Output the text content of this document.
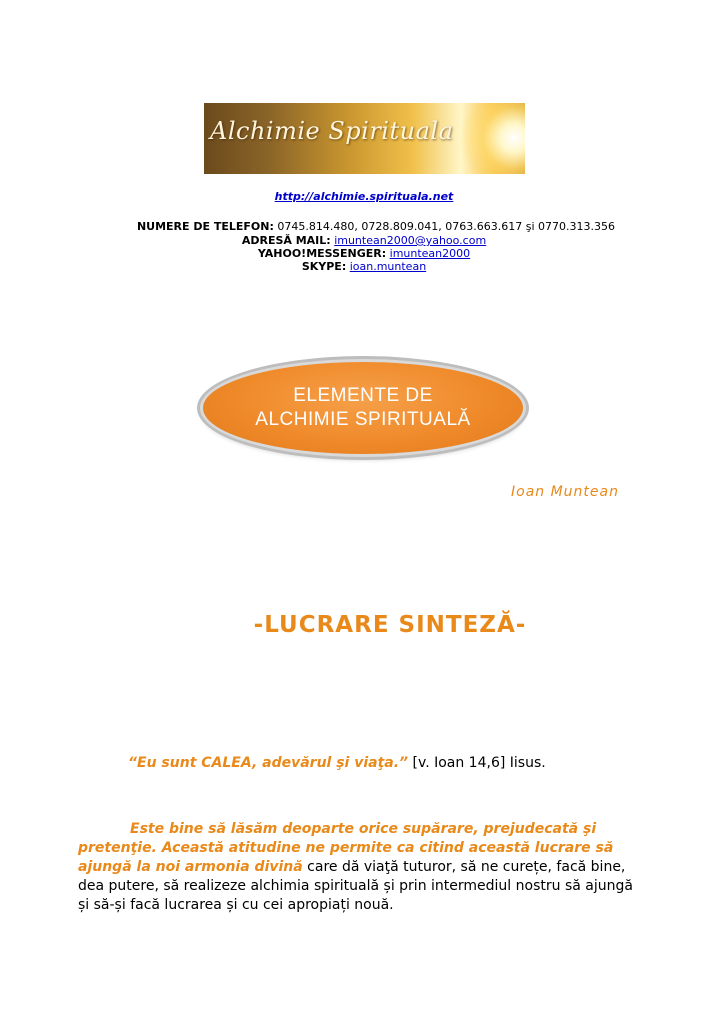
Alchimie Spirituala
http://alchimie.spirituala.net
NUMERE DE TELEFON: 0745.814.480, 0728.809.041, 0763.663.617 şi 0770.313.356
ADRESĂ MAIL: imuntean2000@yahoo.com
YAHOO!MESSENGER: imuntean2000
SKYPE: ioan.muntean
ELEMENTE DE
ALCHIMIE SPIRITUALĂ
Ioan Muntean
-LUCRARE SINTEZĂ-
“Eu sunt CALEA, adevărul şi viaţa.” [v. Ioan 14,6] Iisus.
Este bine să lăsăm deoparte orice supărare, prejudecată şi pretenţie. Această atitudine ne permite ca citind această lucrare să ajungă la noi armonia divină care dă viaţă tuturor, să ne curețe, facă bine, dea putere, să realizeze alchimia spirituală și prin intermediul nostru să ajungă și să-și facă lucrarea și cu cei apropiați nouă.
